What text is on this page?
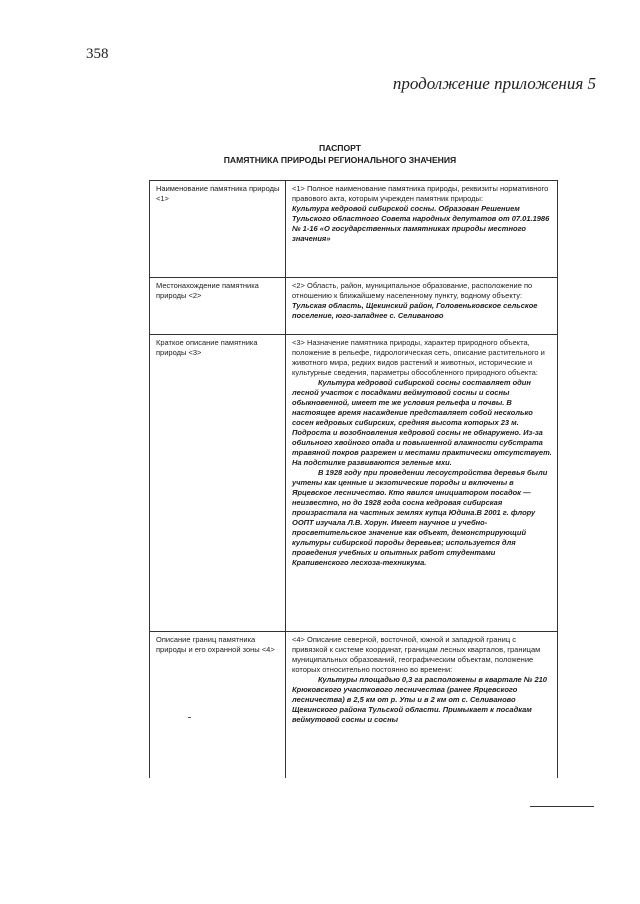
358
продолжение приложения 5
ПАСПОРТ
ПАМЯТНИКА ПРИРОДЫ РЕГИОНАЛЬНОГО ЗНАЧЕНИЯ
Наименование памятника природы <1>	<1> Полное наименование памятника природы, реквизиты нормативного правового акта, которым учрежден памятник природы:

Культура кедровой сибирской сосны. Образован Решением Тульского областного Совета народных депутатов от 07.01.1986 № 1-16 «О государственных памятниках природы местного значения»

Местонахождение памятника природы <2>	<2> Область, район, муниципальное образование, расположение по отношению к ближайшему населенному пункту, водному объекту:

Тульская область, Щекинский район, Головеньковское сельское поселение, юго-западнее с. Селиваново

Краткое описание памятника природы <3>	<3> Назначение памятника природы, характер природного объекта, положение в рельефе, гидрологическая сеть, описание растительного и животного мира, редких видов растений и животных, исторические и культурные сведения, параметры обособленного природного объекта:

Культура кедровой сибирской сосны составляет один лесной участок с посадками веймутовой сосны и сосны обыкновенной, имеет те же условия рельефа и почвы. В настоящее время насаждение представляет собой несколько сосен кедровых сибирских, средняя высота которых 23 м. Подроста и возобновления кедровой сосны не обнаружено. Из-за обильного хвойного опада и повышенной влажности субстрата травяной покров разрежен и местами практически отсутствует. На подстилке развиваются зеленые мхи.

В 1928 году при проведении лесоустройства деревья были учтены как ценные и экзотические породы и включены в Ярцевское лесничество. Кто явился инициатором посадок — неизвестно, но до 1928 года сосна кедровая сибирская произрастала на частных землях купца Юдина.В 2001 г. флору ООПТ изучала Л.В. Хорун. Имеет научное и учебно-просветительское значение как объект, демонстрирующий культуры сибирской породы деревьев; используется для проведения учебных и опытных работ студентами Крапивенского лесхоза-техникума.

Описание границ памятника природы и его охранной зоны <4>	<4> Описание северной, восточной, южной и западной границ с привязкой к системе координат, границам лесных кварталов, границам муниципальных образований, географическим объектам, положение которых относительно постоянно во времени:

Культуры площадью 0,3 га расположены в квартале № 210 Крюковского участкового лесничества (ранее Ярцевского лесничества) в 2,5 км от р. Упы и в 2 км от с. Селиваново Щекинского района Тульской области. Примыкает к посадкам веймутовой сосны и сосны
